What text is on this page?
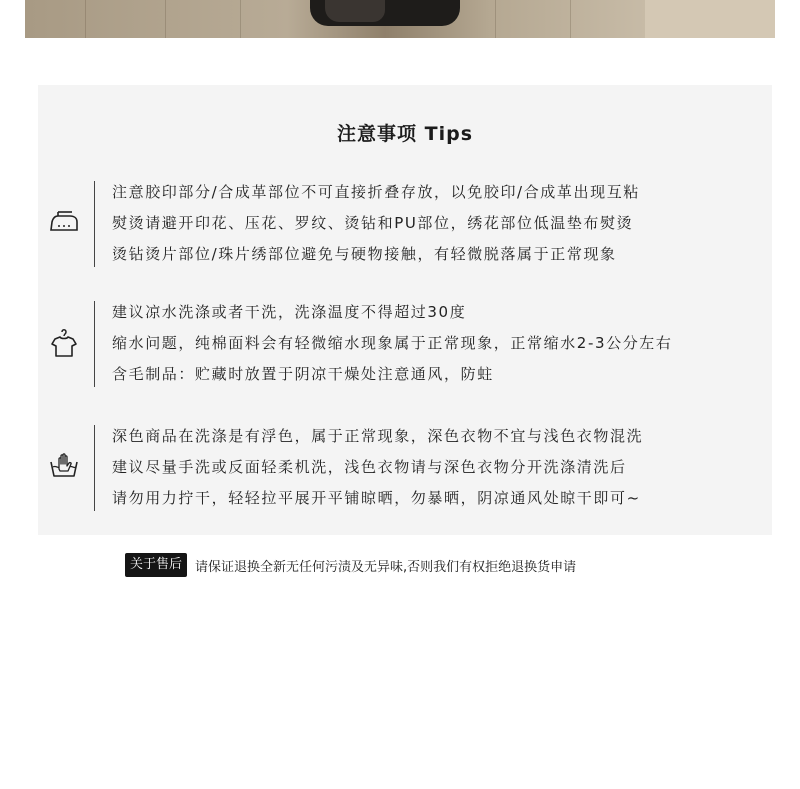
注意事项 Tips
注意胶印部分/合成革部位不可直接折叠存放，以免胶印/合成革出现互粘
熨烫请避开印花、压花、罗纹、烫钻和PU部位，绣花部位低温垫布熨烫
烫钻烫片部位/珠片绣部位避免与硬物接触，有轻微脱落属于正常现象
建议凉水洗涤或者干洗，洗涤温度不得超过30度
缩水问题，纯棉面料会有轻微缩水现象属于正常现象，正常缩水2-3公分左右
含毛制品：贮藏时放置于阴凉干燥处注意通风，防蛀
深色商品在洗涤是有浮色，属于正常现象，深色衣物不宜与浅色衣物混洗
建议尽量手洗或反面轻柔机洗，浅色衣物请与深色衣物分开洗涤清洗后
请勿用力拧干，轻轻拉平展开平铺晾晒，勿暴晒，阴凉通风处晾干即可~
关于售后	请保证退换全新无任何污渍及无异味,否则我们有权拒绝退换货申请
